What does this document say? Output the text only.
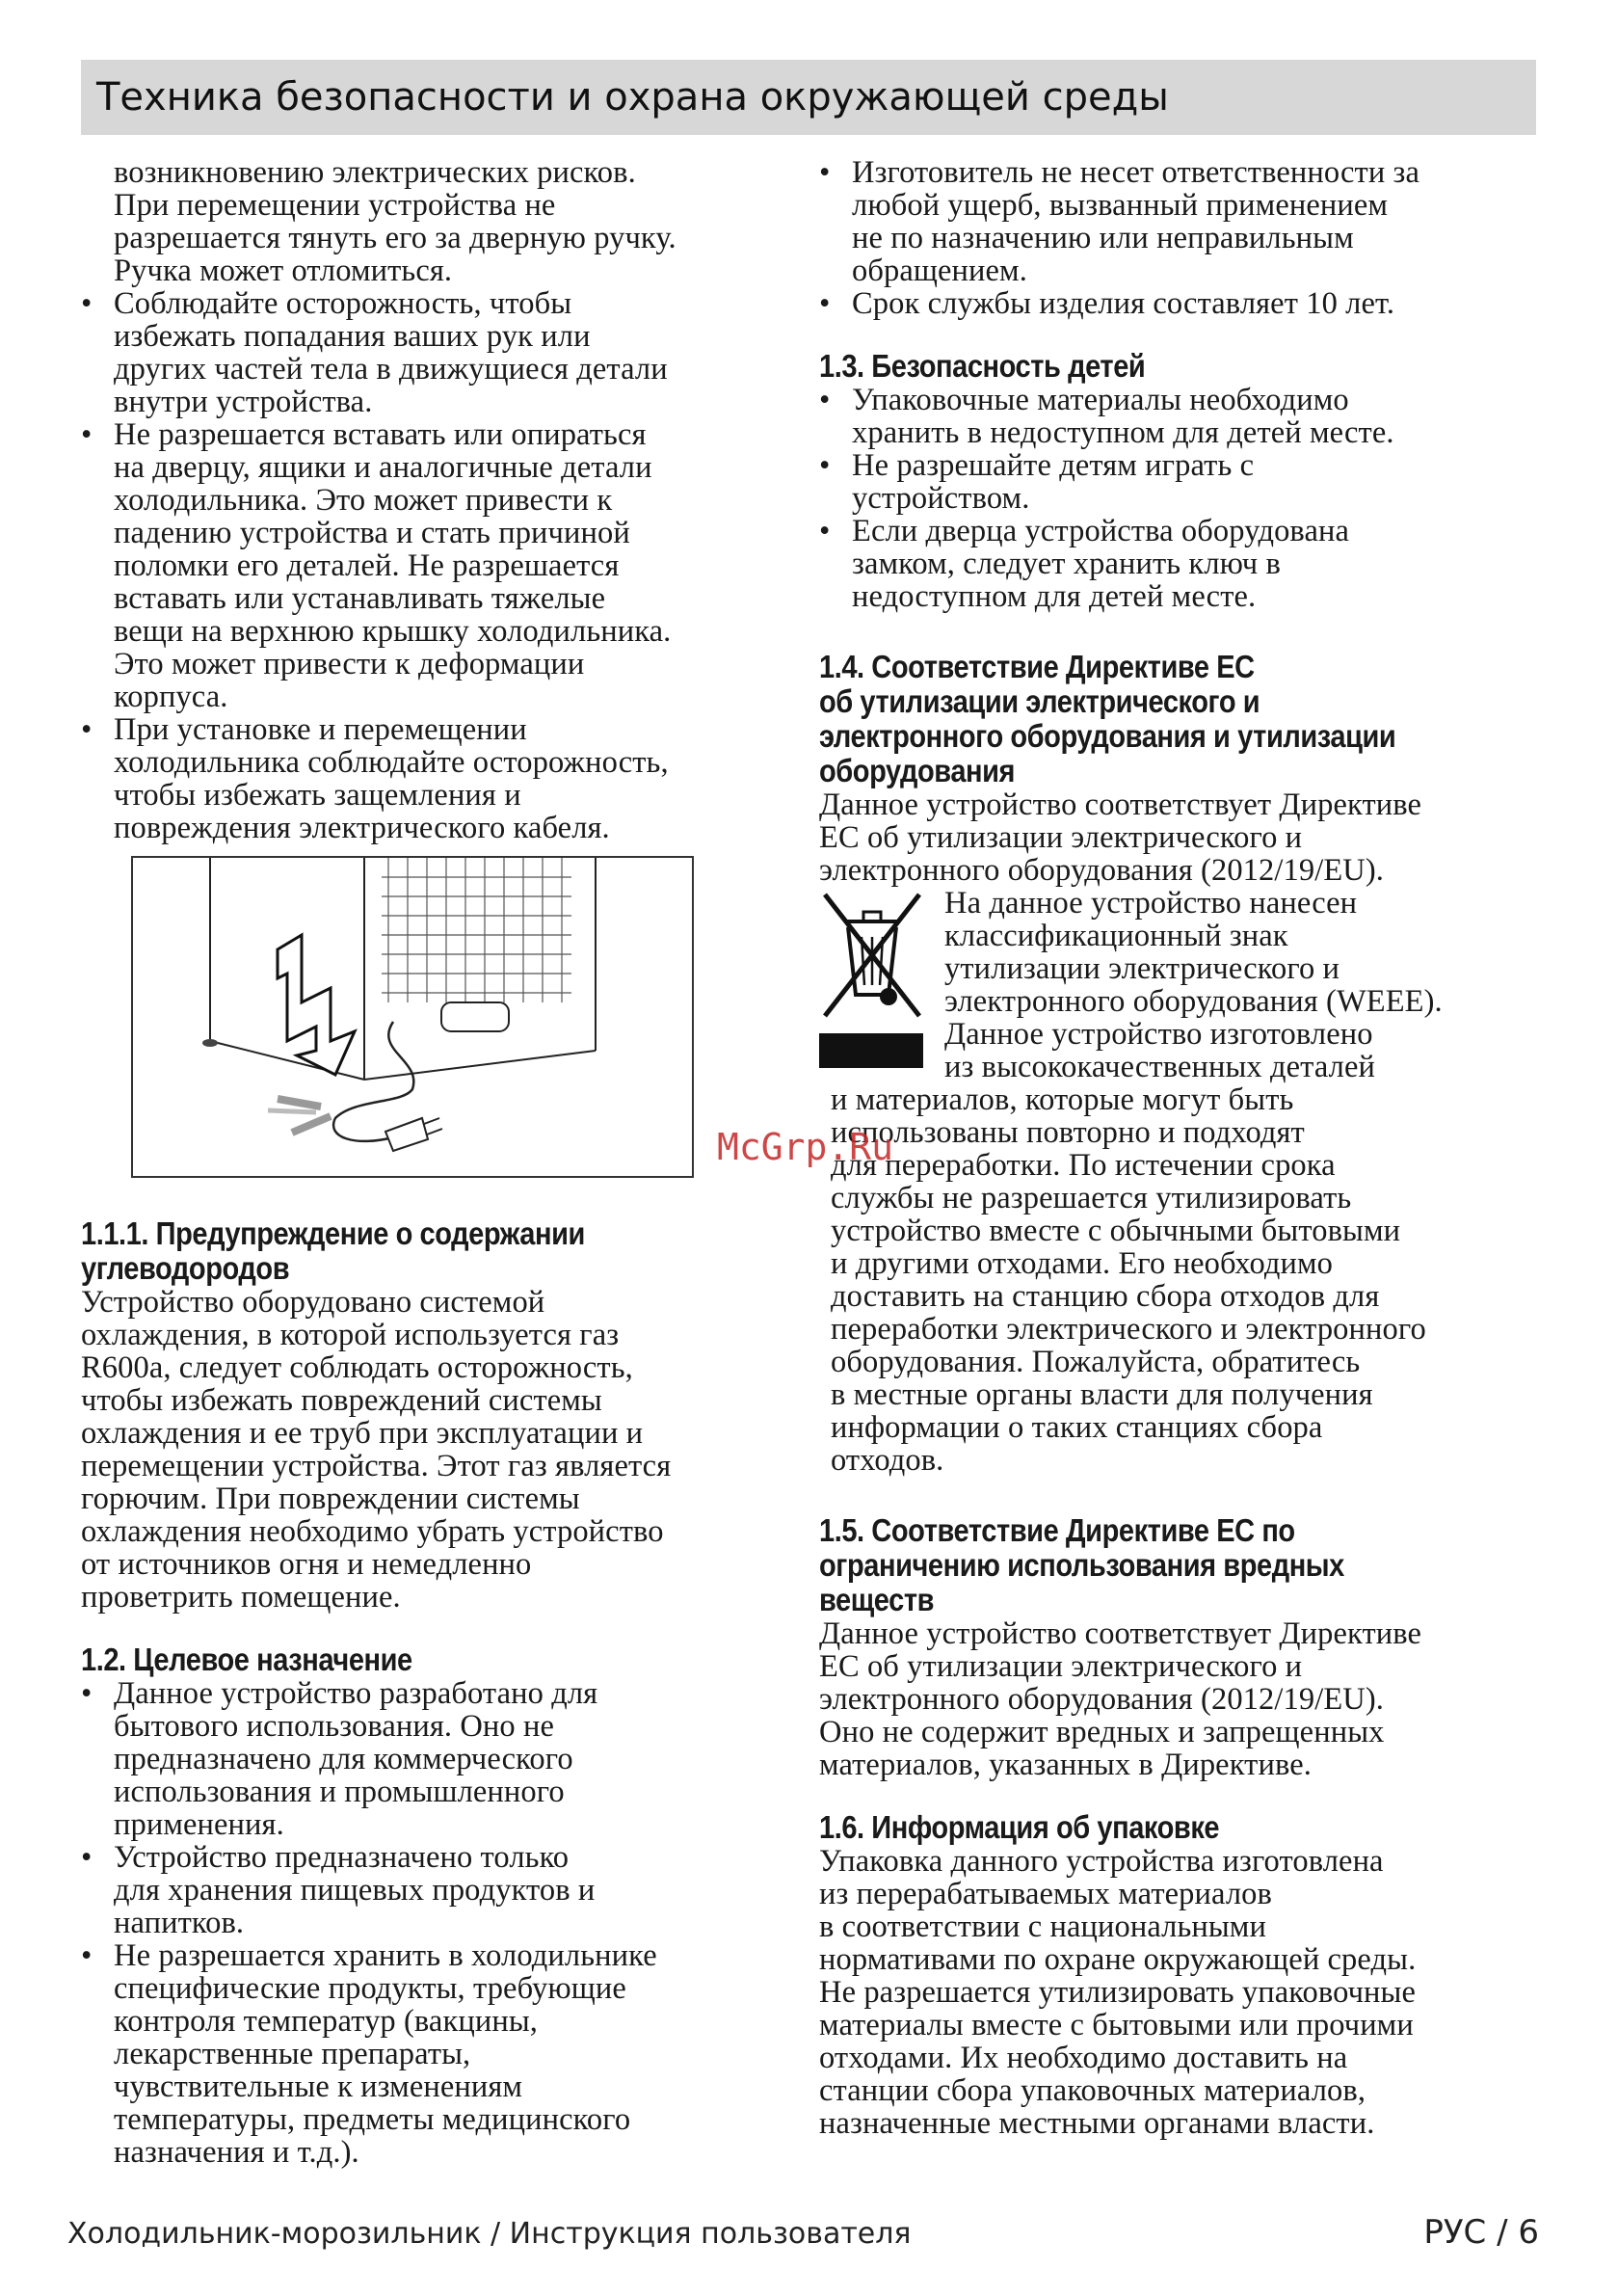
Техника безопасности и охрана окружающей среды

возникновению электрических рисков.

При перемещении устройства не

разрешается тянуть его за дверную ручку.

Ручка может отломиться.

• Соблюдайте осторожность, чтобы

избежать попадания ваших рук или

других частей тела в движущиеся детали

внутри устройства.

• Не разрешается вставать или опираться

на дверцу, ящики и аналогичные детали

холодильника. Это может привести к

падению устройства и стать причиной

поломки его деталей. Не разрешается

вставать или устанавливать тяжелые

вещи на верхнюю крышку холодильника.

Это может привести к деформации

корпуса.

• При установке и перемещении

холодильника соблюдайте осторожность,

чтобы избежать защемления и

повреждения электрического кабеля.

1.1.1. Предупреждение о содержании
углеводородов

Устройство оборудовано системой

охлаждения, в которой используется газ

R600a, следует соблюдать осторожность,

чтобы избежать повреждений системы

охлаждения и ее труб при эксплуатации и

перемещении устройства. Этот газ является

горючим. При повреждении системы

охлаждения необходимо убрать устройство

от источников огня и немедленно

проветрить помещение.

1.2. Целевое назначение

• Данное устройство разработано для

бытового использования. Оно не

предназначено для коммерческого

использования и промышленного

применения.

• Устройство предназначено только

для хранения пищевых продуктов и

напитков.

• Не разрешается хранить в холодильнике

специфические продукты, требующие

контроля температур (вакцины,

лекарственные препараты,

чувствительные к изменениям

температуры, предметы медицинского

назначения и т.д.).

• Изготовитель не несет ответственности за

любой ущерб, вызванный применением

не по назначению или неправильным

обращением.

• Срок службы изделия составляет 10 лет.

1.3. Безопасность детей

• Упаковочные материалы необходимо

хранить в недоступном для детей месте.

• Не разрешайте детям играть с

устройством.

• Если дверца устройства оборудована

замком, следует хранить ключ в

недоступном для детей месте.

1.4. Соответствие Директиве ЕС
об утилизации электрического и
электронного оборудования и утилизации
оборудования

Данное устройство соответствует Директиве

ЕС об утилизации электрического и

электронного оборудования (2012/19/EU).

На данное устройство нанесен

классификационный знак

утилизации электрического и

электронного оборудования (WEEE).

Данное устройство изготовлено

из высококачественных деталей

и материалов, которые могут быть

использованы повторно и подходят

для переработки. По истечении срока

службы не разрешается утилизировать

устройство вместе с обычными бытовыми

и другими отходами. Его необходимо

доставить на станцию сбора отходов для

переработки электрического и электронного

оборудования. Пожалуйста, обратитесь

в местные органы власти для получения

информации о таких станциях сбора

отходов.

1.5. Соответствие Директиве ЕС по
ограничению использования вредных
веществ

Данное устройство соответствует Директиве

ЕС об утилизации электрического и

электронного оборудования (2012/19/EU).

Оно не содержит вредных и запрещенных

материалов, указанных в Директиве.

1.6. Информация об упаковке

Упаковка данного устройства изготовлена

из перерабатываемых материалов

в соответствии с национальными

нормативами по охране окружающей среды.

Не разрешается утилизировать упаковочные

материалы вместе с бытовыми или прочими

отходами. Их необходимо доставить на

станции сбора упаковочных материалов,

назначенные местными органами власти.

McGrp.Ru
Холодильник-морозильник / Инструкция пользователя	РУС / 6
